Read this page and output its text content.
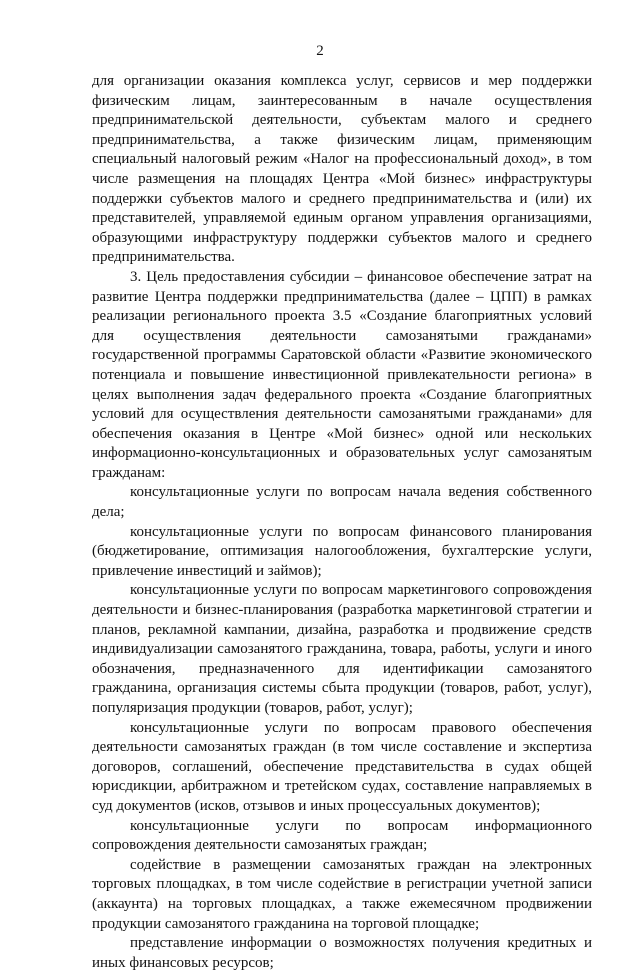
2

для организации оказания комплекса услуг, сервисов и мер поддержки физическим лицам, заинтересованным в начале осуществления предпринимательской деятельности, субъектам малого и среднего предпринимательства, а также физическим лицам, применяющим специальный налоговый режим «Налог на профессиональный доход», в том числе размещения на площадях Центра «Мой бизнес» инфраструктуры поддержки субъектов малого и среднего предпринимательства и (или) их представителей, управляемой единым органом управления организациями, образующими инфраструктуру поддержки субъектов малого и среднего предпринимательства.

3. Цель предоставления субсидии – финансовое обеспечение затрат на развитие Центра поддержки предпринимательства (далее – ЦПП) в рамках реализации регионального проекта 3.5 «Создание благоприятных условий для осуществления деятельности самозанятыми гражданами» государственной программы Саратовской области «Развитие экономического потенциала и повышение инвестиционной привлекательности региона» в целях выполнения задач федерального проекта «Создание благоприятных условий для осуществления деятельности самозанятыми гражданами» для обеспечения оказания в Центре «Мой бизнес» одной или нескольких информационно-консультационных и образовательных услуг самозанятым гражданам:

консультационные услуги по вопросам начала ведения собственного дела;

консультационные услуги по вопросам финансового планирования (бюджетирование, оптимизация налогообложения, бухгалтерские услуги, привлечение инвестиций и займов);

консультационные услуги по вопросам маркетингового сопровождения деятельности и бизнес-планирования (разработка маркетинговой стратегии и планов, рекламной кампании, дизайна, разработка и продвижение средств индивидуализации самозанятого гражданина, товара, работы, услуги и иного обозначения, предназначенного для идентификации самозанятого гражданина, организация системы сбыта продукции (товаров, работ, услуг), популяризация продукции (товаров, работ, услуг);

консультационные услуги по вопросам правового обеспечения деятельности самозанятых граждан (в том числе составление и экспертиза договоров, соглашений, обеспечение представительства в судах общей юрисдикции, арбитражном и третейском судах, составление направляемых в суд документов (исков, отзывов и иных процессуальных документов);

консультационные услуги по вопросам информационного сопровождения деятельности самозанятых граждан;

содействие в размещении самозанятых граждан на электронных торговых площадках, в том числе содействие в регистрации учетной записи (аккаунта) на торговых площадках, а также ежемесячном продвижении продукции самозанятого гражданина на торговой площадке;

представление информации о возможностях получения кредитных и иных финансовых ресурсов;
